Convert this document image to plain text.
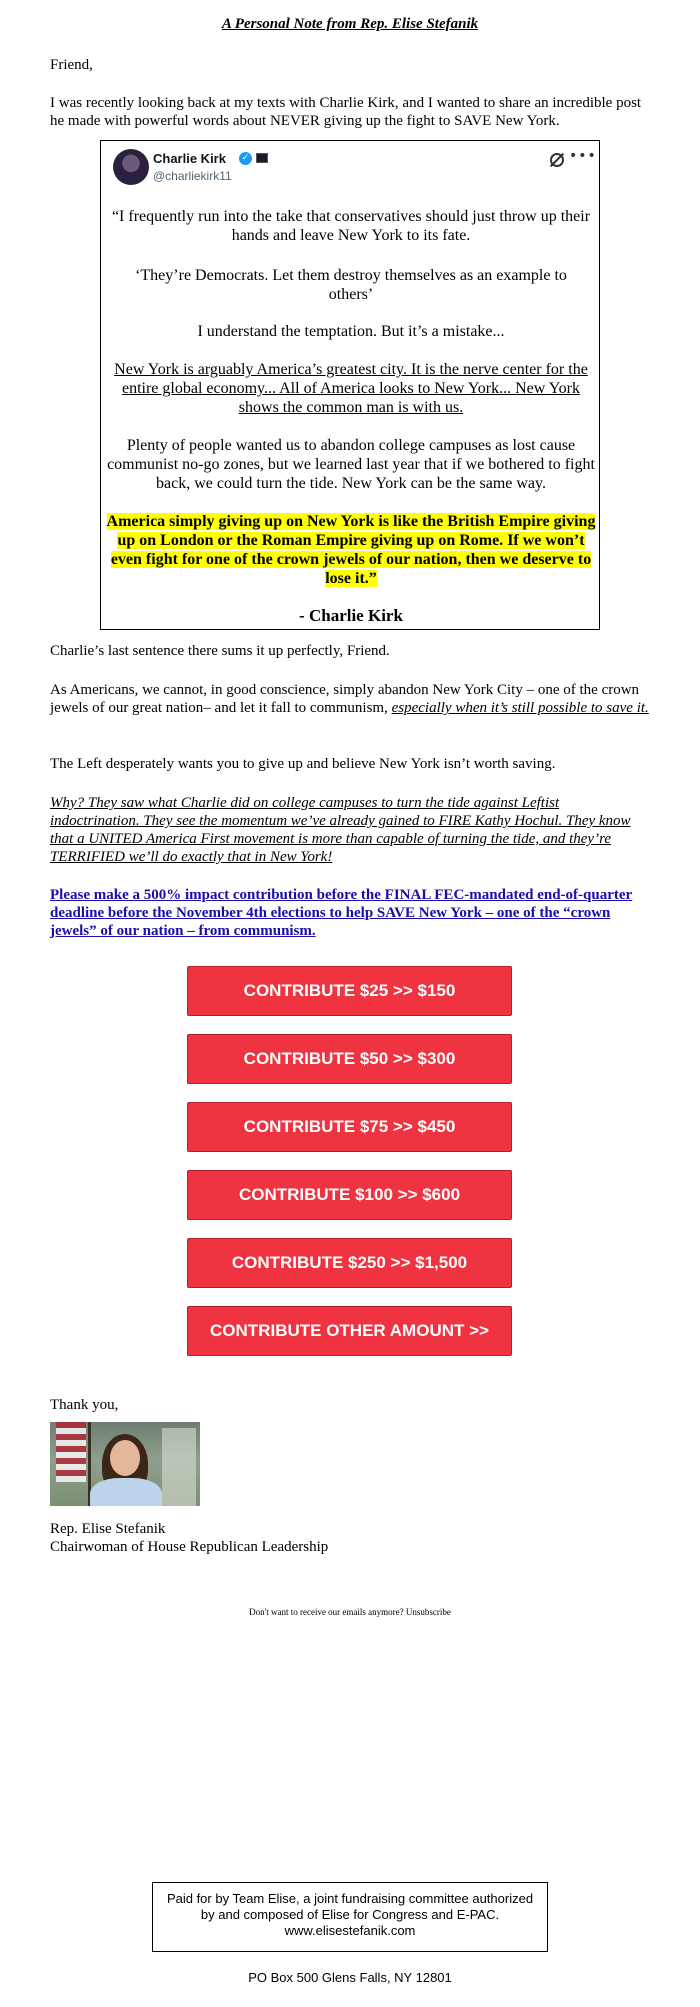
A Personal Note from Rep. Elise Stefanik
Friend,
I was recently looking back at my texts with Charlie Kirk, and I wanted to share an incredible post he made with powerful words about NEVER giving up the fight to SAVE New York.
Charlie Kirk	✓
@charliekirk11
•••
“I frequently run into the take that conservatives should just throw up their hands and leave New York to its fate.
‘They’re Democrats. Let them destroy themselves as an example to others’
I understand the temptation. But it’s a mistake...
New York is arguably America’s greatest city. It is the nerve center for the entire global economy... All of America looks to New York... New York shows the common man is with us.
Plenty of people wanted us to abandon college campuses as lost cause communist no-go zones, but we learned last year that if we bothered to fight back, we could turn the tide. New York can be the same way.
America simply giving up on New York is like the British Empire giving up on London or the Roman Empire giving up on Rome. If we won’t even fight for one of the crown jewels of our nation, then we deserve to lose it.”
- Charlie Kirk
Charlie’s last sentence there sums it up perfectly, Friend.
As Americans, we cannot, in good conscience, simply abandon New York City – one of the crown jewels of our great nation– and let it fall to communism, especially when it’s still possible to save it.
The Left desperately wants you to give up and believe New York isn’t worth saving.
Why? They saw what Charlie did on college campuses to turn the tide against Leftist indoctrination. They see the momentum we’ve already gained to FIRE Kathy Hochul. They know that a UNITED America First movement is more than capable of turning the tide, and they’re TERRIFIED we’ll do exactly that in New York!
Please make a 500% impact contribution before the FINAL FEC-mandated end-of-quarter deadline before the November 4th elections to help SAVE New York – one of the “crown jewels” of our nation – from communism.
CONTRIBUTE $25 >> $150
CONTRIBUTE $50 >> $300
CONTRIBUTE $75 >> $450
CONTRIBUTE $100 >> $600
CONTRIBUTE $250 >> $1,500
CONTRIBUTE OTHER AMOUNT >>
Thank you,
Rep. Elise Stefanik
Chairwoman of House Republican Leadership
Don't want to receive our emails anymore? Unsubscribe
Paid for by Team Elise, a joint fundraising committee authorized by and composed of Elise for Congress and E-PAC. www.elisestefanik.com
PO Box 500 Glens Falls, NY 12801
